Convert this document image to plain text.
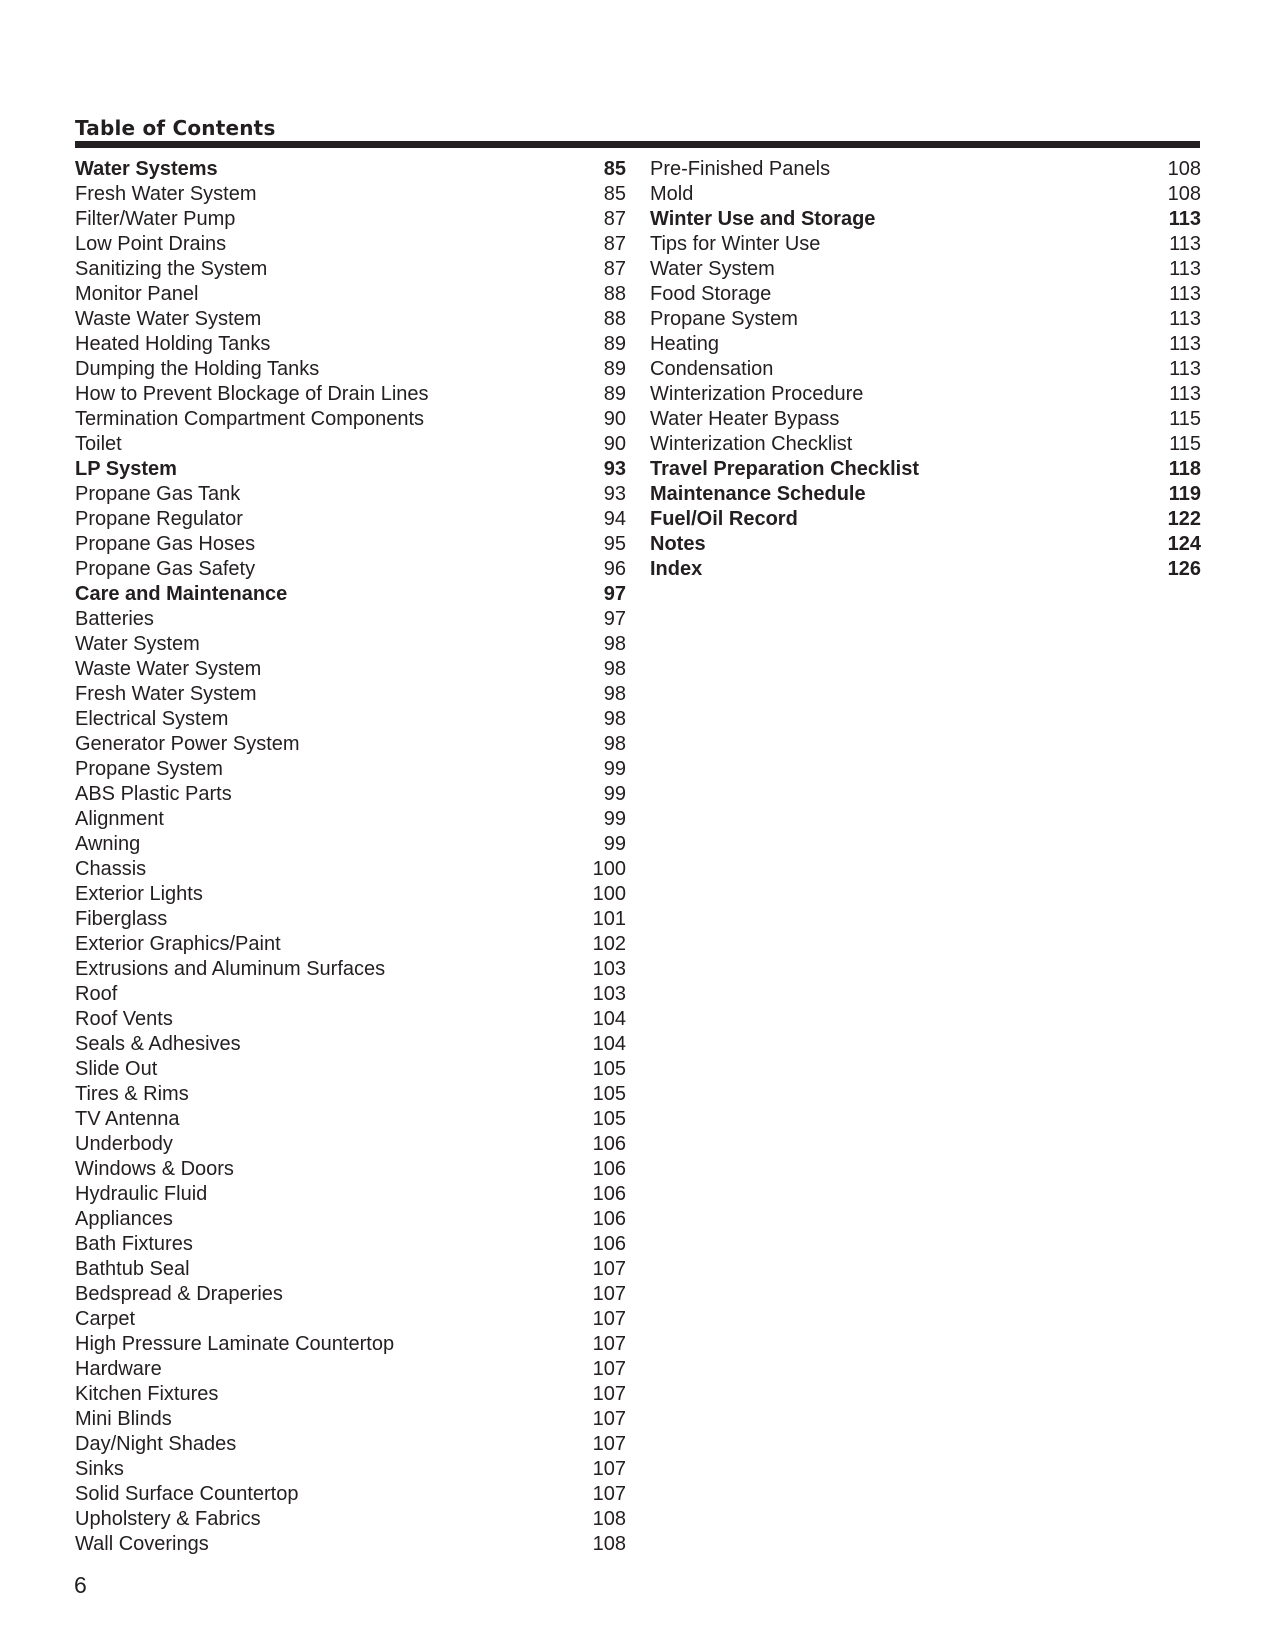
Table of Contents
Water Systems	85
Fresh Water System	85
Filter/Water Pump	87
Low Point Drains	87
Sanitizing the System	87
Monitor Panel	88
Waste Water System	88
Heated Holding Tanks	89
Dumping the Holding Tanks	89
How to Prevent Blockage of Drain Lines	89
Termination Compartment Components	90
Toilet	90
LP System	93
Propane Gas Tank	93
Propane Regulator	94
Propane Gas Hoses	95
Propane Gas Safety	96
Care and Maintenance	97
Batteries	97
Water System	98
Waste Water System	98
Fresh Water System	98
Electrical System	98
Generator Power System	98
Propane System	99
ABS Plastic Parts	99
Alignment	99
Awning	99
Chassis	100
Exterior Lights	100
Fiberglass	101
Exterior Graphics/Paint	102
Extrusions and Aluminum Surfaces	103
Roof	103
Roof Vents	104
Seals & Adhesives	104
Slide Out	105
Tires & Rims	105
TV Antenna	105
Underbody	106
Windows & Doors	106
Hydraulic Fluid	106
Appliances	106
Bath Fixtures	106
Bathtub Seal	107
Bedspread & Draperies	107
Carpet	107
High Pressure Laminate Countertop	107
Hardware	107
Kitchen Fixtures	107
Mini Blinds	107
Day/Night Shades	107
Sinks	107
Solid Surface Countertop	107
Upholstery & Fabrics	108
Wall Coverings	108
Pre-Finished Panels	108
Mold	108
Winter Use and Storage	113
Tips for Winter Use	113
Water System	113
Food Storage	113
Propane System	113
Heating	113
Condensation	113
Winterization Procedure	113
Water Heater Bypass	115
Winterization Checklist	115
Travel Preparation Checklist	118
Maintenance Schedule	119
Fuel/Oil Record	122
Notes	124
Index	126
6
